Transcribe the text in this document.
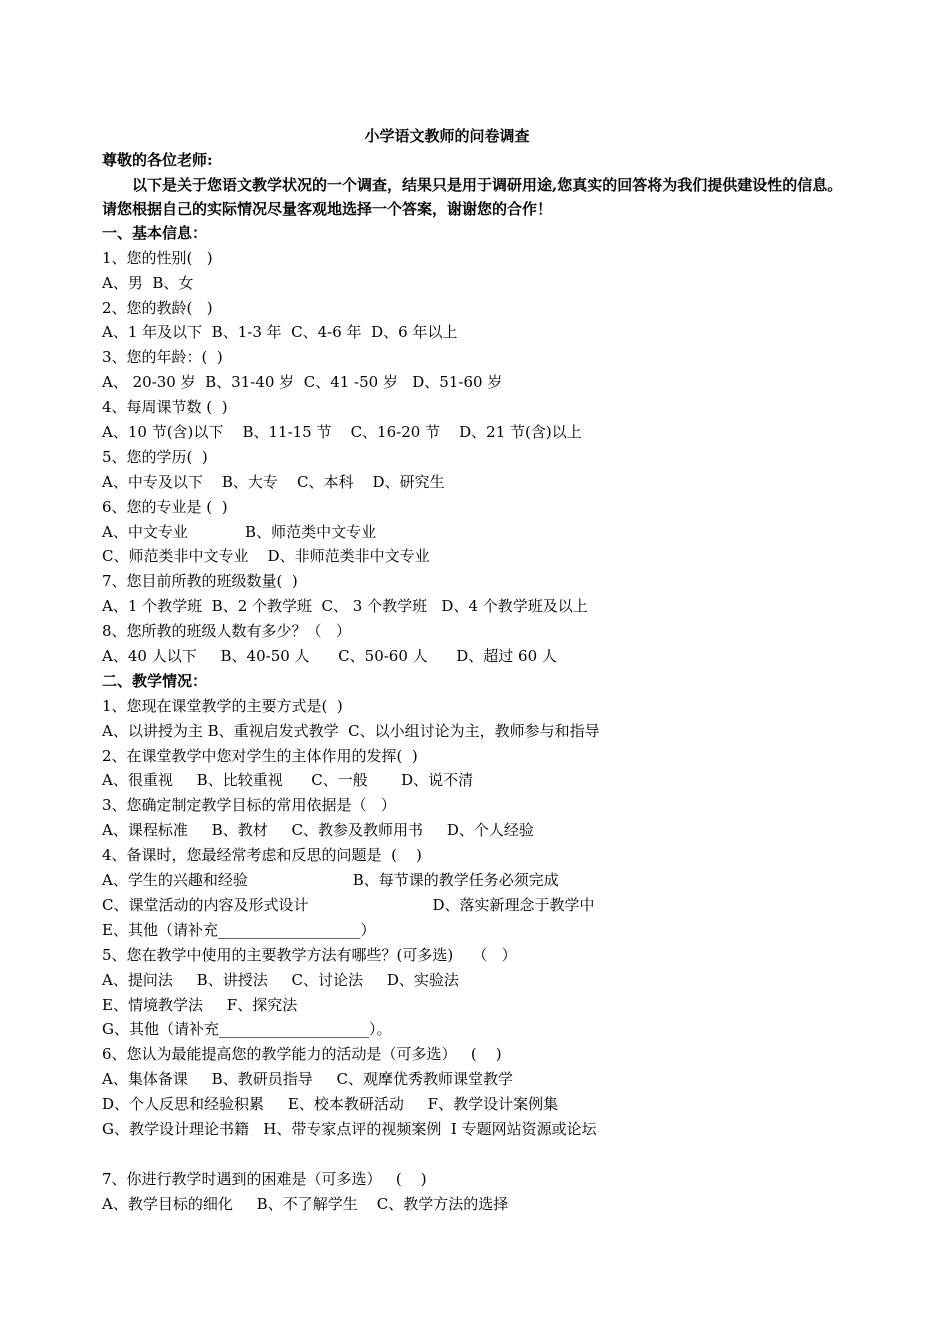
小学语文教师的问卷调查
尊敬的各位老师:
以下是关于您语文教学状况的一个调查，结果只是用于调研用途,您真实的回答将为我们提供建设性的信息。请您根据自己的实际情况尽量客观地选择一个答案，谢谢您的合作！
一、基本信息：
1、您的性别(   )
A、男  B、女
2、您的教龄(   )
A、1 年及以下  B、1-3 年  C、4-6 年  D、6 年以上
3、您的年龄：(  )
A、 20-30 岁  B、31-40 岁  C、41 -50 岁   D、51-60 岁
4、每周课节数 (  )
A、10 节(含)以下    B、11-15 节    C、16-20 节    D、21 节(含)以上
5、您的学历(  )
A、中专及以下    B、大专    C、本科    D、研究生
6、您的专业是 (  )
A、中文专业            B、师范类中文专业
C、师范类非中文专业    D、非师范类非中文专业
7、您目前所教的班级数量(  )
A、1 个教学班  B、2 个教学班  C、 3 个教学班   D、4 个教学班及以上
8、您所教的班级人数有多少？（   ）
A、40 人以下     B、40-50 人      C、50-60 人      D、超过 60 人
二、教学情况：
1、您现在课堂教学的主要方式是(  )
A、以讲授为主 B、重视启发式教学  C、以小组讨论为主，教师参与和指导
2、在课堂教学中您对学生的主体作用的发挥(  )
A、很重视     B、比较重视      C、一般       D、说不清
3、您确定制定教学目标的常用依据是（   ）
A、课程标准     B、教材     C、教参及教师用书     D、个人经验
4、备课时，您最经常考虑和反思的问题是  (    )
A、学生的兴趣和经验                      B、每节课的教学任务必须完成
C、课堂活动的内容及形式设计                          D、落实新理念于教学中
E、其他（请补充___________________）
5、您在教学中使用的主要教学方法有哪些？(可多选)    （   ）
A、提问法     B、讲授法     C、讨论法     D、实验法
E、情境教学法     F、探究法
G、其他（请补充____________________）。
6、您认为最能提高您的教学能力的活动是（可多选）   (    )
A、集体备课     B、教研员指导     C、观摩优秀教师课堂教学
D、个人反思和经验积累     E、校本教研活动     F、教学设计案例集
G、教学设计理论书籍   H、带专家点评的视频案例  I 专题网站资源或论坛
7、你进行教学时遇到的困难是（可多选）   (    )
A、教学目标的细化     B、不了解学生    C、教学方法的选择
